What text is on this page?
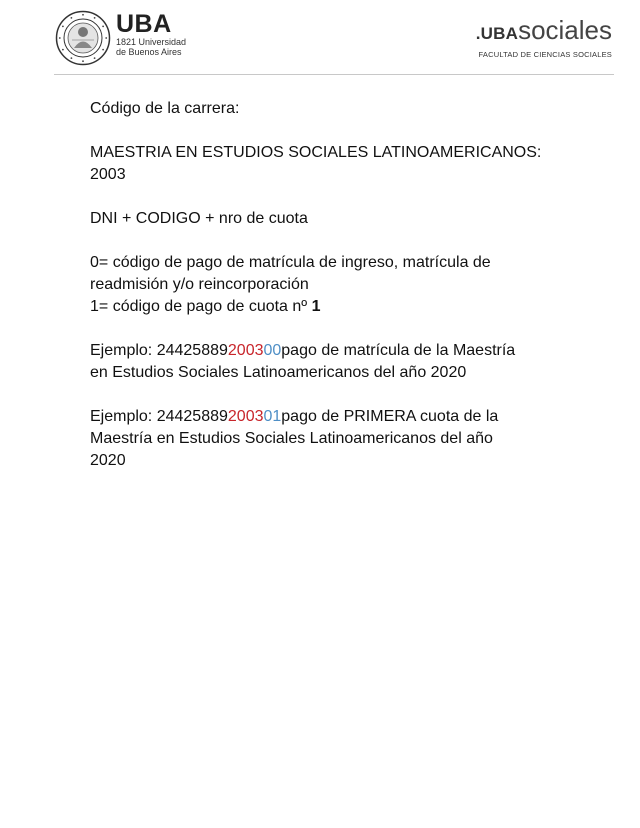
UBA
1821 Universidad
de Buenos Aires
.UBAsociales
FACULTAD DE CIENCIAS SOCIALES

Código de la carrera:

MAESTRIA EN ESTUDIOS SOCIALES LATINOAMERICANOS:

2003

DNI + CODIGO + nro de cuota

0= código de pago de matrícula de ingreso, matrícula de

readmisión y/o reincorporación

1= código de pago de cuota nº 1

Ejemplo: 24425889200300pago de matrícula de la Maestría

en Estudios Sociales Latinoamericanos del año 2020

Ejemplo: 24425889200301pago de PRIMERA cuota de la

Maestría en Estudios Sociales Latinoamericanos del año

2020
